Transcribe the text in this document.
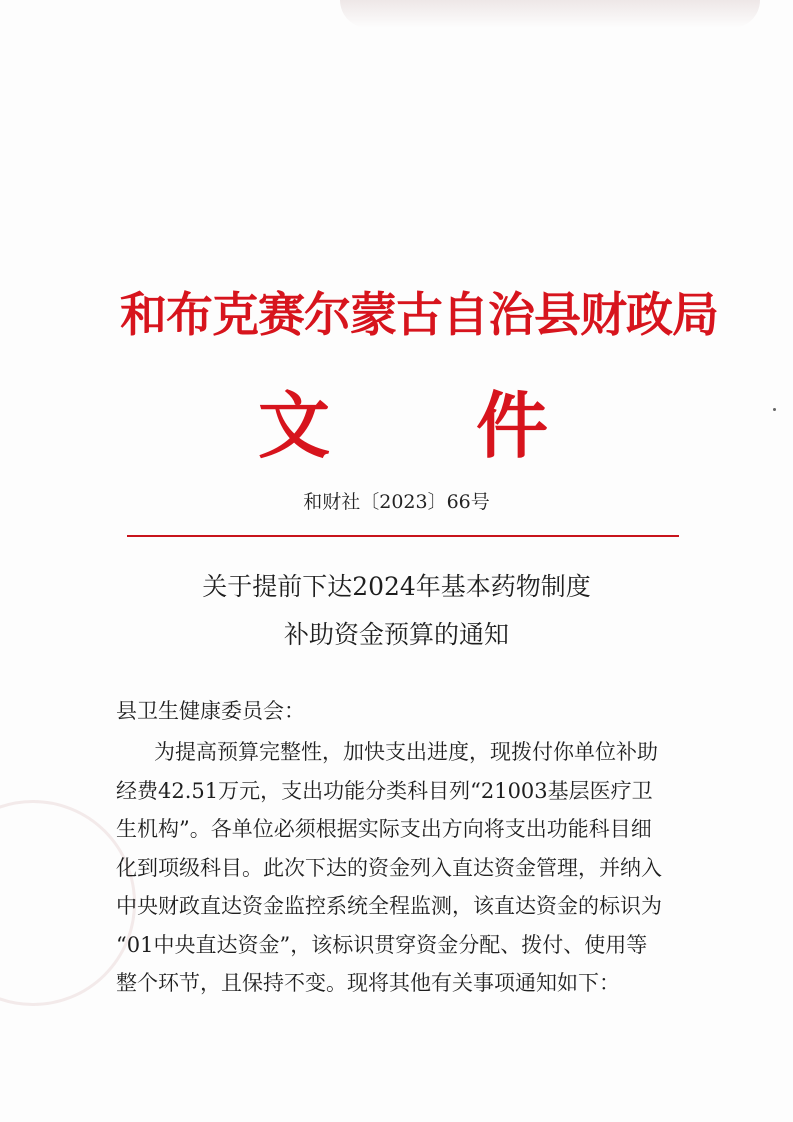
和布克赛尔蒙古自治县财政局
文 件
和财社〔2023〕66号
关于提前下达2024年基本药物制度
补助资金预算的通知
县卫生健康委员会：
为提高预算完整性，加快支出进度，现拨付你单位补助
经费42.51万元，支出功能分类科目列“21003基层医疗卫
生机构”。各单位必须根据实际支出方向将支出功能科目细
化到项级科目。此次下达的资金列入直达资金管理，并纳入
中央财政直达资金监控系统全程监测，该直达资金的标识为
“01中央直达资金”，该标识贯穿资金分配、拨付、使用等
整个环节，且保持不变。现将其他有关事项通知如下：
